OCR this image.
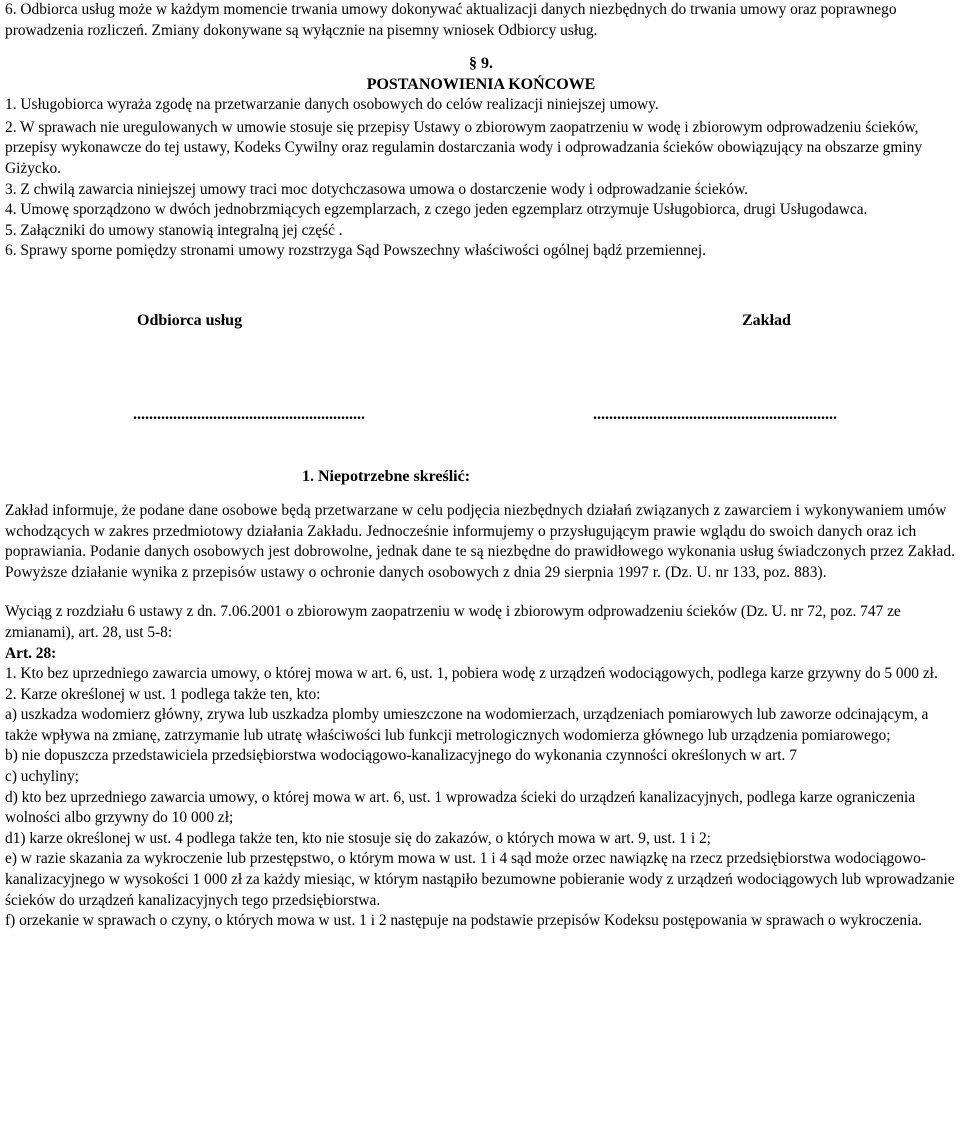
6. Odbiorca usług może w każdym momencie trwania umowy dokonywać aktualizacji danych niezbędnych do trwania umowy oraz poprawnego prowadzenia rozliczeń. Zmiany dokonywane są wyłącznie na pisemny wniosek Odbiorcy usług.

§ 9.

POSTANOWIENIA KOŃCOWE

1. Usługobiorca wyraża zgodę na przetwarzanie danych osobowych do celów realizacji niniejszej umowy.

2. W sprawach nie uregulowanych w umowie stosuje się przepisy Ustawy o zbiorowym zaopatrzeniu w wodę i zbiorowym odprowadzeniu ścieków, przepisy wykonawcze do tej ustawy, Kodeks Cywilny oraz regulamin dostarczania wody i odprowadzania ścieków obowiązujący na obszarze gminy Giżycko.

3. Z chwilą zawarcia niniejszej umowy traci moc dotychczasowa umowa o dostarczenie wody i odprowadzanie ścieków.

4. Umowę sporządzono w dwóch jednobrzmiących egzemplarzach, z czego jeden egzemplarz otrzymuje Usługobiorca, drugi Usługodawca.

5. Załączniki do umowy stanowią integralną jej część .

6. Sprawy sporne pomiędzy stronami umowy rozstrzyga Sąd Powszechny właściwości ogólnej bądź przemiennej.

Odbiorca usług	Zakład
..........................................................	.............................................................

1. Niepotrzebne skreślić:

Zakład informuje, że podane dane osobowe będą przetwarzane w celu podjęcia niezbędnych działań związanych z zawarciem i wykonywaniem umów wchodzących w zakres przedmiotowy działania Zakładu. Jednocześnie informujemy o przysługującym prawie wglądu do swoich danych oraz ich poprawiania. Podanie danych osobowych jest dobrowolne, jednak dane te są niezbędne do prawidłowego wykonania usług świadczonych przez Zakład. Powyższe działanie wynika z przepisów ustawy o ochronie danych osobowych z dnia 29 sierpnia 1997 r. (Dz. U. nr 133, poz. 883).

Wyciąg z rozdziału 6 ustawy z dn. 7.06.2001 o zbiorowym zaopatrzeniu w wodę i zbiorowym odprowadzeniu ścieków (Dz. U. nr 72, poz. 747 ze zmianami), art. 28, ust 5-8:

Art. 28:

1. Kto bez uprzedniego zawarcia umowy, o której mowa w art. 6, ust. 1, pobiera wodę z urządzeń wodociągowych, podlega karze grzywny do 5 000 zł.

2. Karze określonej w ust. 1 podlega także ten, kto:

a) uszkadza wodomierz główny, zrywa lub uszkadza plomby umieszczone na wodomierzach, urządzeniach pomiarowych lub zaworze odcinającym, a także wpływa na zmianę, zatrzymanie lub utratę właściwości lub funkcji metrologicznych wodomierza głównego lub urządzenia pomiarowego;

b) nie dopuszcza przedstawiciela przedsiębiorstwa wodociągowo-kanalizacyjnego do wykonania czynności określonych w art. 7

c) uchyliny;

d) kto bez uprzedniego zawarcia umowy, o której mowa w art. 6, ust. 1 wprowadza ścieki do urządzeń kanalizacyjnych, podlega karze ograniczenia wolności albo grzywny do 10 000 zł;

d1) karze określonej w ust. 4 podlega także ten, kto nie stosuje się do zakazów, o których mowa w art. 9, ust. 1 i 2;

e) w razie skazania za wykroczenie lub przestępstwo, o którym mowa w ust. 1 i 4 sąd może orzec nawiązkę na rzecz przedsiębiorstwa wodociągowo-kanalizacyjnego w wysokości 1 000 zł za każdy miesiąc, w którym nastąpiło bezumowne pobieranie wody z urządzeń wodociągowych lub wprowadzanie ścieków do urządzeń kanalizacyjnych tego przedsiębiorstwa.

f) orzekanie w sprawach o czyny, o których mowa w ust. 1 i 2 następuje na podstawie przepisów Kodeksu postępowania w sprawach o wykroczenia.
